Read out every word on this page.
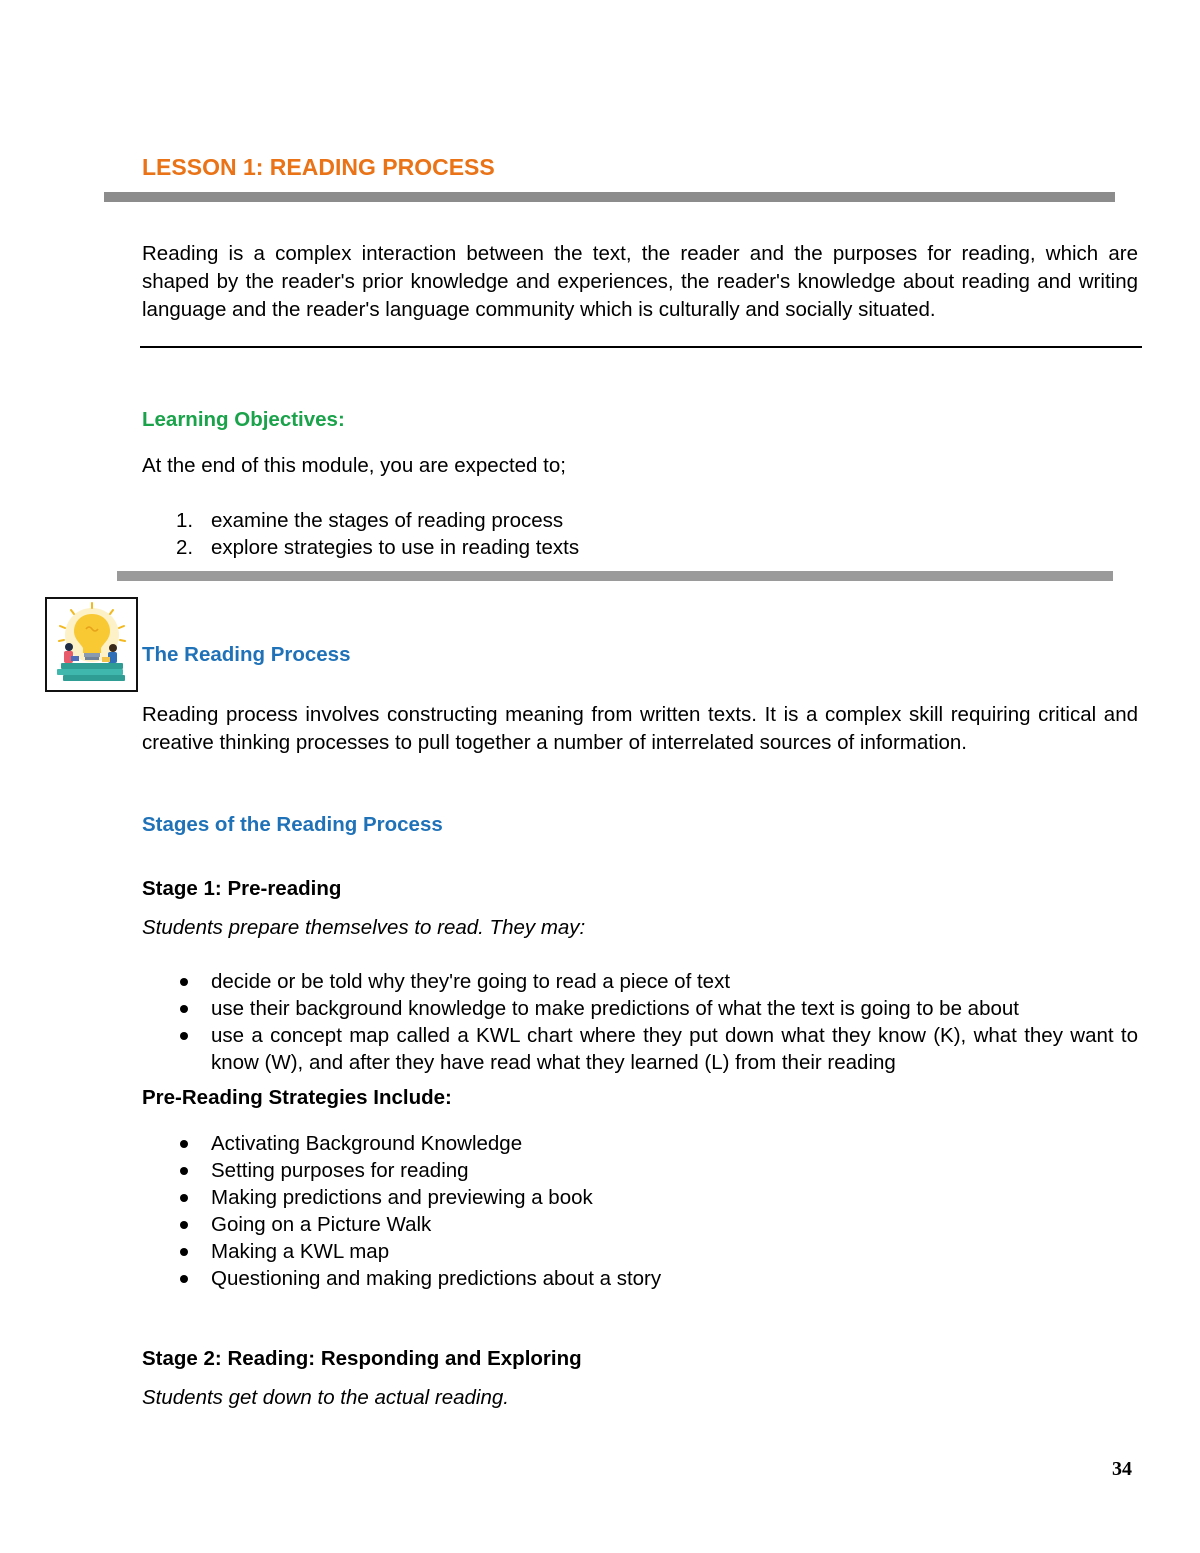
LESSON 1: READING PROCESS
Reading is a complex interaction between the text, the reader and the purposes for reading, which are shaped by the reader's prior knowledge and experiences, the reader's knowledge about reading and writing language and the reader's language community which is culturally and socially situated.
Learning Objectives:
At the end of this module, you are expected to;
1. examine the stages of reading process
2. explore strategies to use in reading texts
The Reading Process
Reading process involves constructing meaning from written texts. It is a complex skill requiring critical and creative thinking processes to pull together a number of interrelated sources of information.
Stages of the Reading Process
Stage 1: Pre-reading
Students prepare themselves to read. They may:
decide or be told why they're going to read a piece of text
use their background knowledge to make predictions of what the text is going to be about
use a concept map called a KWL chart where they put down what they know (K), what they want to know (W), and after they have read what they learned (L) from their reading
Pre-Reading Strategies Include:
Activating Background Knowledge
Setting purposes for reading
Making predictions and previewing a book
Going on a Picture Walk
Making a KWL map
Questioning and making predictions about a story
Stage 2: Reading: Responding and Exploring
Students get down to the actual reading.
34
